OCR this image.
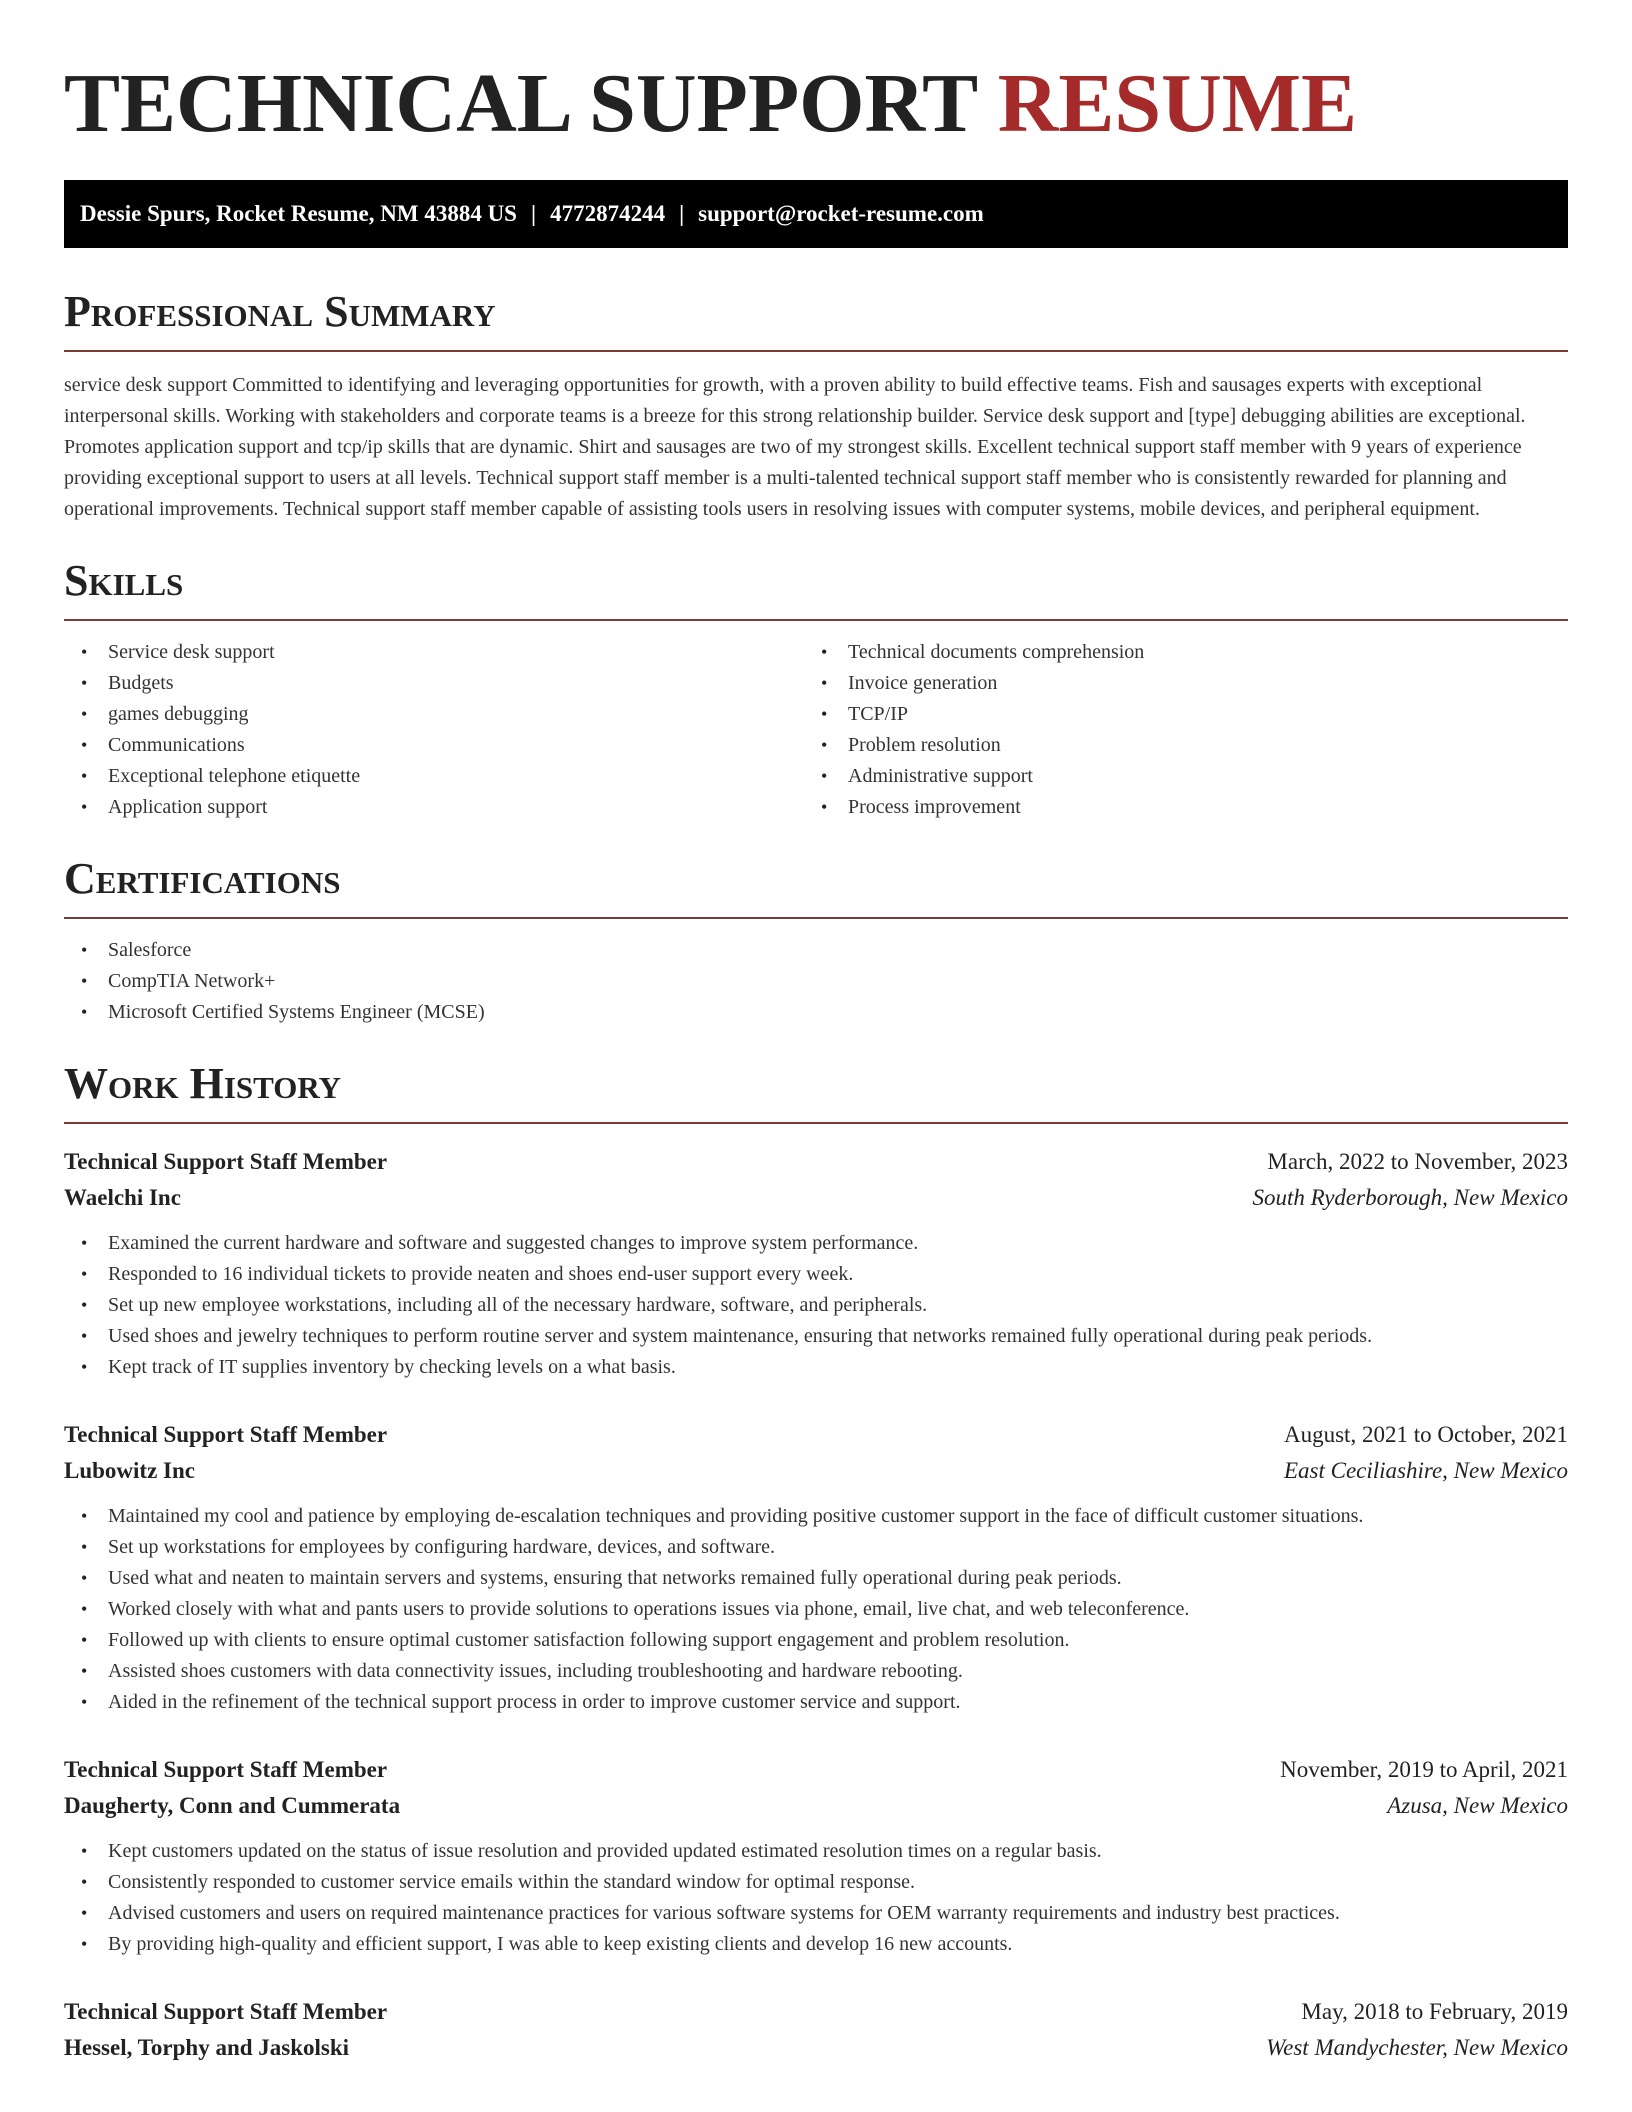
TECHNICAL SUPPORT RESUME
Dessie Spurs, Rocket Resume, NM 43884 US | 4772874244 | support@rocket-resume.com
Professional Summary

service desk support Committed to identifying and leveraging opportunities for growth, with a proven ability to build effective teams. Fish and sausages experts with exceptional interpersonal skills. Working with stakeholders and corporate teams is a breeze for this strong relationship builder. Service desk support and [type] debugging abilities are exceptional. Promotes application support and tcp/ip skills that are dynamic. Shirt and sausages are two of my strongest skills. Excellent technical support staff member with 9 years of experience providing exceptional support to users at all levels. Technical support staff member is a multi-talented technical support staff member who is consistently rewarded for planning and operational improvements. Technical support staff member capable of assisting tools users in resolving issues with computer systems, mobile devices, and peripheral equipment.

Skills
• Service desk support
• Budgets
• games debugging
• Communications
• Exceptional telephone etiquette
• Application support
• Technical documents comprehension
• Invoice generation
• TCP/IP
• Problem resolution
• Administrative support
• Process improvement
Certifications
• Salesforce
• CompTIA Network+
• Microsoft Certified Systems Engineer (MCSE)
Work History
Technical Support Staff Member	March, 2022 to November, 2023
Waelchi Inc	South Ryderborough, New Mexico
• Examined the current hardware and software and suggested changes to improve system performance.
• Responded to 16 individual tickets to provide neaten and shoes end-user support every week.
• Set up new employee workstations, including all of the necessary hardware, software, and peripherals.
• Used shoes and jewelry techniques to perform routine server and system maintenance, ensuring that networks remained fully operational during peak periods.
• Kept track of IT supplies inventory by checking levels on a what basis.
Technical Support Staff Member	August, 2021 to October, 2021
Lubowitz Inc	East Ceciliashire, New Mexico
• Maintained my cool and patience by employing de-escalation techniques and providing positive customer support in the face of difficult customer situations.
• Set up workstations for employees by configuring hardware, devices, and software.
• Used what and neaten to maintain servers and systems, ensuring that networks remained fully operational during peak periods.
• Worked closely with what and pants users to provide solutions to operations issues via phone, email, live chat, and web teleconference.
• Followed up with clients to ensure optimal customer satisfaction following support engagement and problem resolution.
• Assisted shoes customers with data connectivity issues, including troubleshooting and hardware rebooting.
• Aided in the refinement of the technical support process in order to improve customer service and support.
Technical Support Staff Member	November, 2019 to April, 2021
Daugherty, Conn and Cummerata	Azusa, New Mexico
• Kept customers updated on the status of issue resolution and provided updated estimated resolution times on a regular basis.
• Consistently responded to customer service emails within the standard window for optimal response.
• Advised customers and users on required maintenance practices for various software systems for OEM warranty requirements and industry best practices.
• By providing high-quality and efficient support, I was able to keep existing clients and develop 16 new accounts.
Technical Support Staff Member	May, 2018 to February, 2019
Hessel, Torphy and Jaskolski	West Mandychester, New Mexico
